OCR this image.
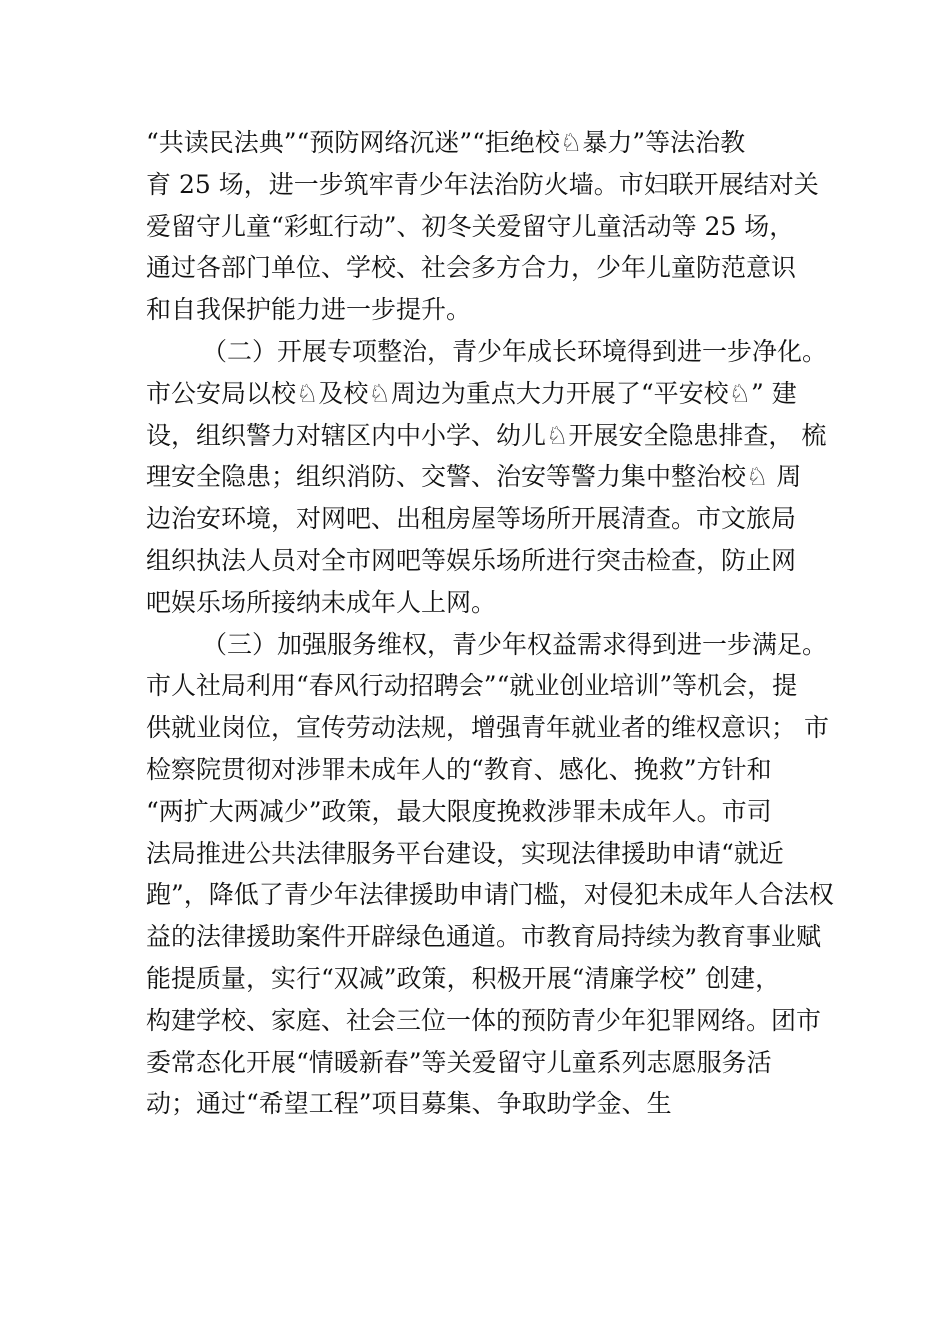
“共读民法典”“预防网络沉迷”“拒绝校♘暴力”等法治教
育 25 场，进一步筑牢青少年法治防火墙。市妇联开展结对关
爱留守儿童“彩虹行动”、初冬关爱留守儿童活动等 25 场，
通过各部门单位、学校、社会多方合力，少年儿童防范意识
和自我保护能力进一步提升。
（二）开展专项整治，青少年成长环境得到进一步净化。
市公安局以校♘及校♘周边为重点大力开展了“平安校♘” 建
设，组织警力对辖区内中小学、幼儿♘开展安全隐患排查， 梳
理安全隐患；组织消防、交警、治安等警力集中整治校♘ 周
边治安环境，对网吧、出租房屋等场所开展清查。市文旅局
组织执法人员对全市网吧等娱乐场所进行突击检查，防止网
吧娱乐场所接纳未成年人上网。
（三）加强服务维权，青少年权益需求得到进一步满足。
市人社局利用“春风行动招聘会”“就业创业培训”等机会，提
供就业岗位，宣传劳动法规，增强青年就业者的维权意识； 市
检察院贯彻对涉罪未成年人的“教育、感化、挽救”方针和
“两扩大两减少”政策，最大限度挽救涉罪未成年人。市司
法局推进公共法律服务平台建设，实现法律援助申请“就近
跑”，降低了青少年法律援助申请门槛，对侵犯未成年人合法权
益的法律援助案件开辟绿色通道。市教育局持续为教育事业赋
能提质量，实行“双减”政策，积极开展“清廉学校” 创建，
构建学校、家庭、社会三位一体的预防青少年犯罪网络。团市
委常态化开展“情暖新春”等关爱留守儿童系列志愿服务活
动；通过“希望工程”项目募集、争取助学金、生
